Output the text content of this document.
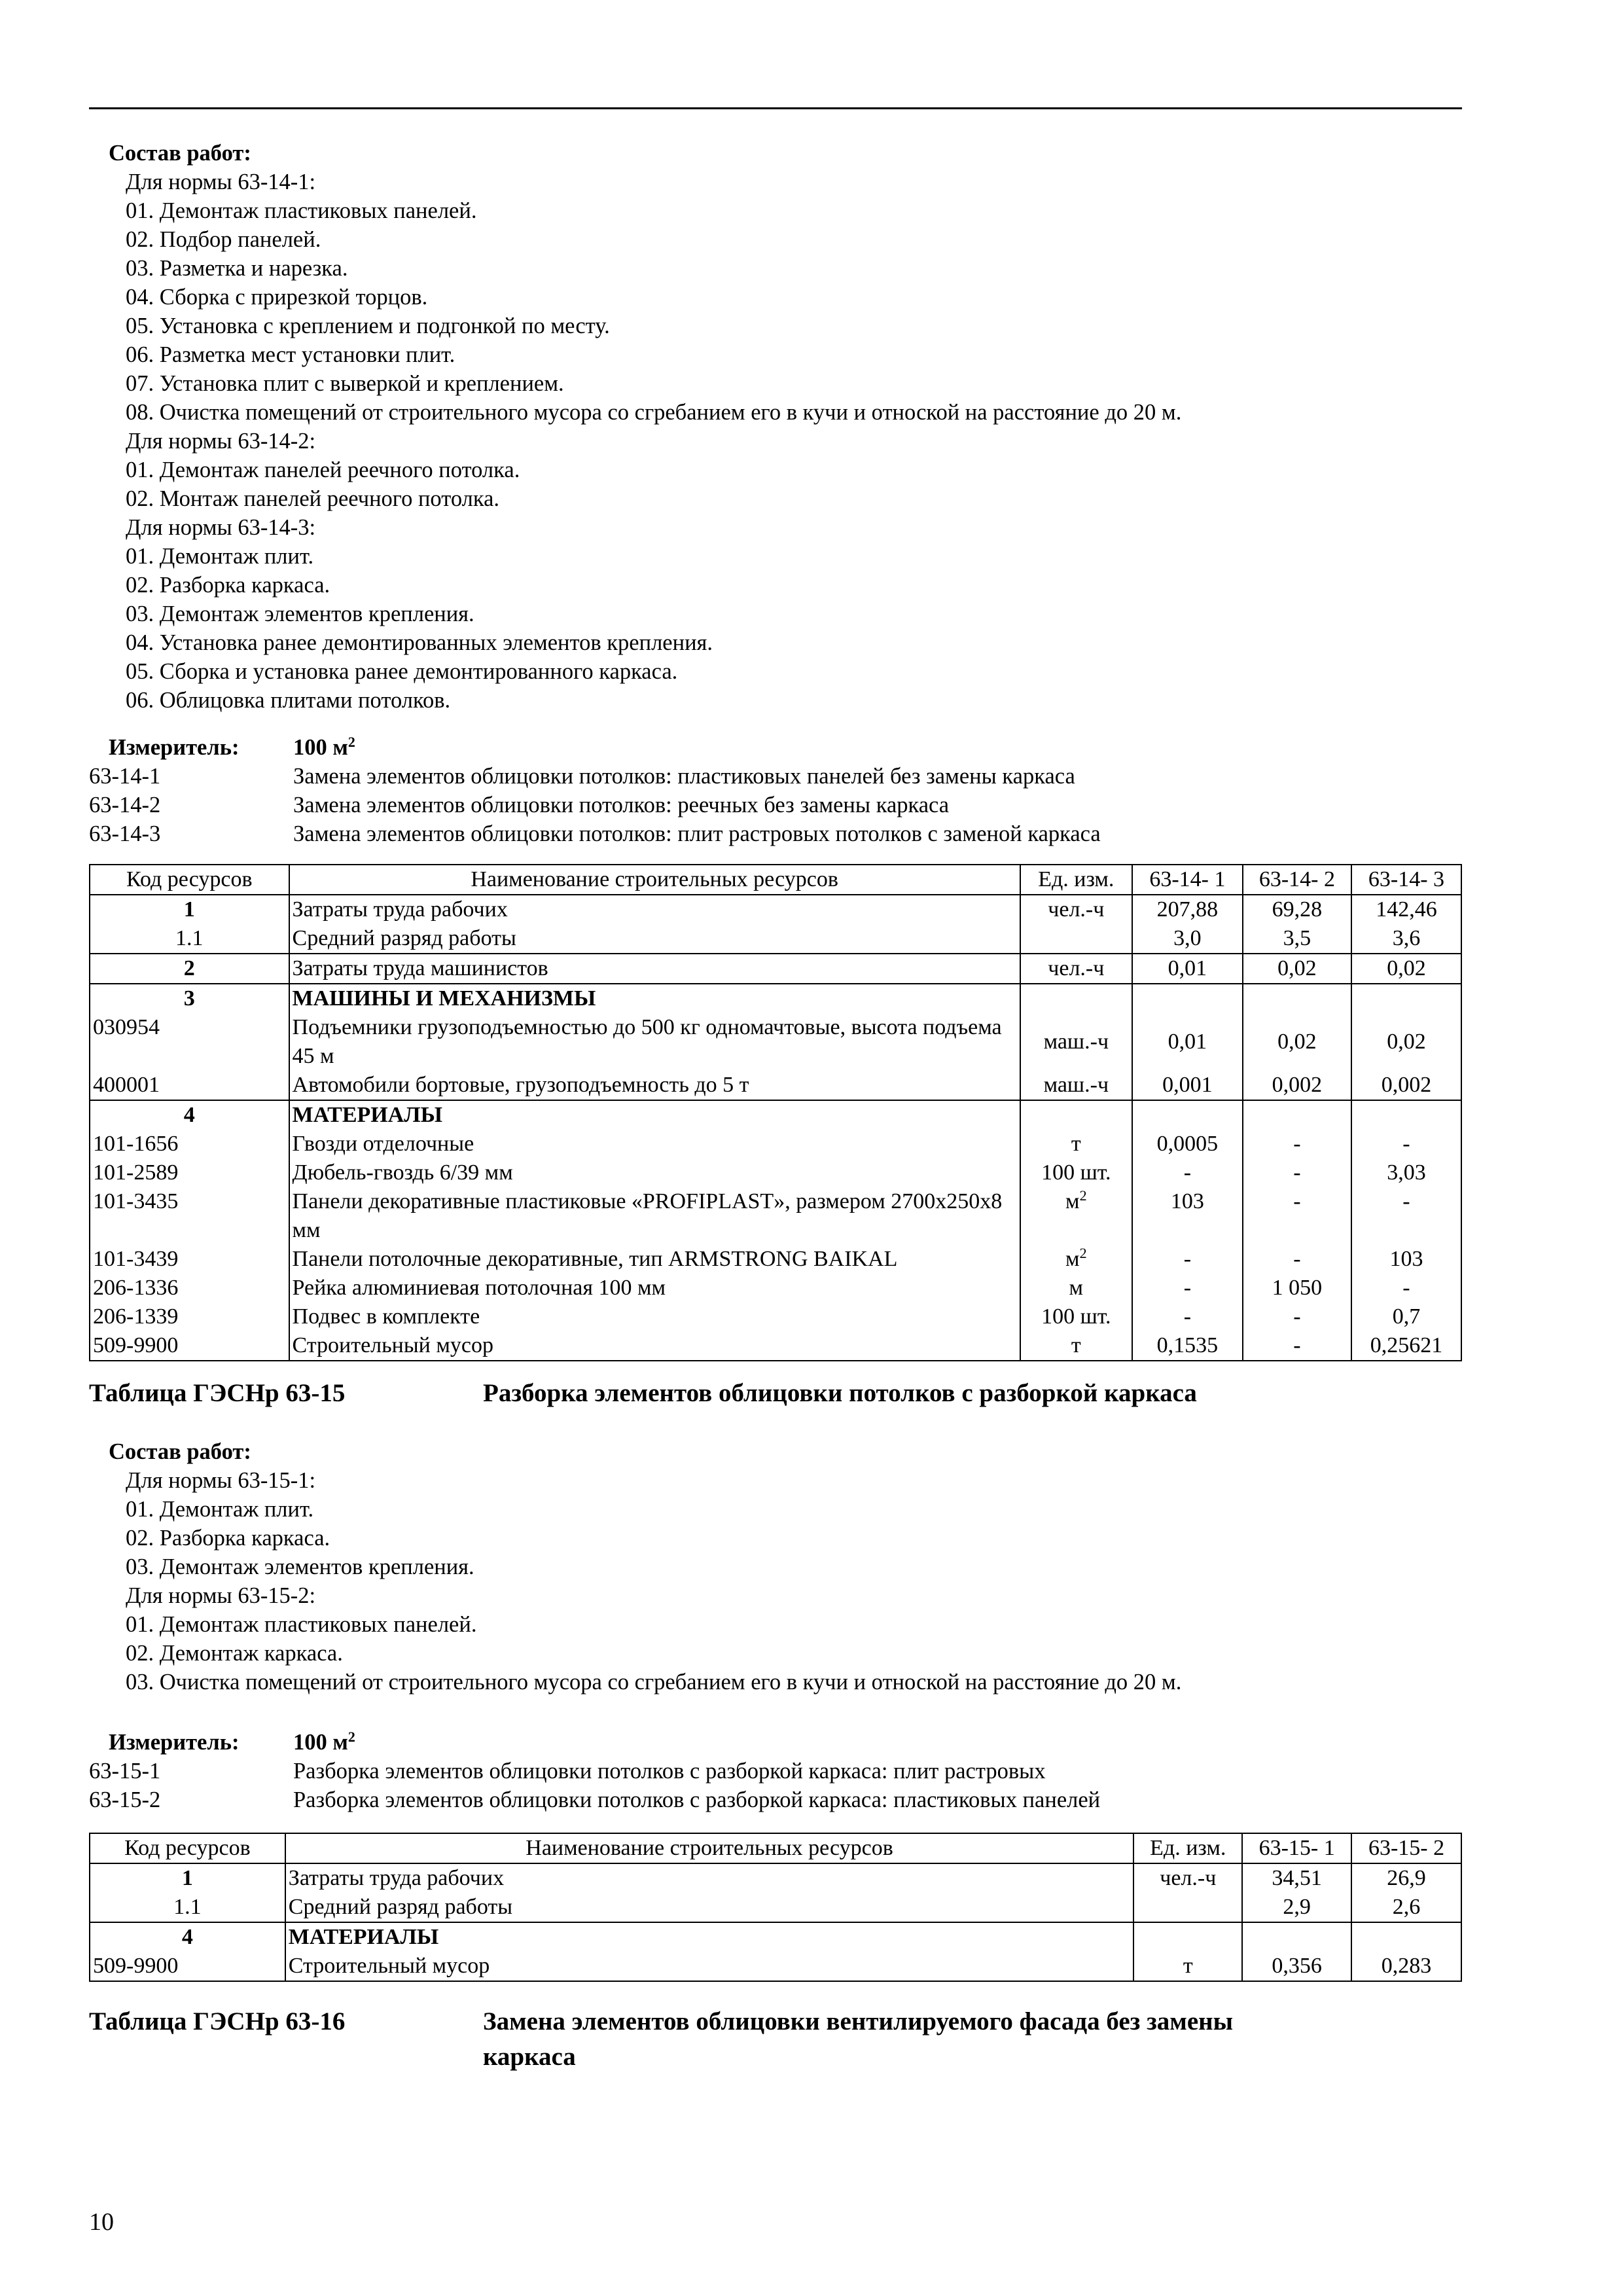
Состав работ:
Для нормы 63-14-1:
01. Демонтаж пластиковых панелей.
02. Подбор панелей.
03. Разметка и нарезка.
04. Сборка с прирезкой торцов.
05. Установка с креплением и подгонкой по месту.
06. Разметка мест установки плит.
07. Установка плит с выверкой и креплением.
08. Очистка помещений от строительного мусора со сгребанием его в кучи и отноской на расстояние до 20 м.
Для нормы 63-14-2:
01. Демонтаж панелей реечного потолка.
02. Монтаж панелей реечного потолка.
Для нормы 63-14-3:
01. Демонтаж плит.
02. Разборка каркаса.
03. Демонтаж элементов крепления.
04. Установка ранее демонтированных элементов крепления.
05. Сборка и установка ранее демонтированного каркаса.
06. Облицовка плитами потолков.
Измеритель: 100 $м^2$
63-14-1	Замена элементов облицовки потолков: пластиковых панелей без замены каркаса
63-14-2	Замена элементов облицовки потолков: реечных без замены каркаса
63-14-3	Замена элементов облицовки потолков: плит растровых потолков с заменой каркаса
Код ресурсов	Наименование строительных ресурсов	Ед. изм.	63-14- 1	63-14- 2	63-14- 3
1	Затраты труда рабочих	чел.-ч	207,88	69,28	142,46
1.1	Средний разряд работы		3,0	3,5	3,6
2	Затраты труда машинистов	чел.-ч	0,01	0,02	0,02
3	МАШИНЫ И МЕХАНИЗМЫ				
030954	Подъемники грузоподъемностью до 500 кг одномачтовые, высота подъема 45 м	маш.-ч	0,01	0,02	0,02
400001	Автомобили бортовые, грузоподъемность до 5 т	маш.-ч	0,001	0,002	0,002
4	МАТЕРИАЛЫ				
101-1656	Гвозди отделочные	т	0,0005	-	-
101-2589	Дюбель-гвоздь 6/39 мм	100 шт.	-	-	3,03
101-3435	Панели декоративные пластиковые «PROFIPLAST», размером 2700х250х8 мм	$м^2$	103	-	-
101-3439	Панели потолочные декоративные, тип ARMSTRONG BAIKAL	$м^2$	-	-	103
206-1336	Рейка алюминиевая потолочная 100 мм	м	-	1 050	-
206-1339	Подвес в комплекте	100 шт.	-	-	0,7
509-9900	Строительный мусор	т	0,1535	-	0,25621
Таблица ГЭСНр 63-15	Разборка элементов облицовки потолков с разборкой каркаса
Состав работ:
Для нормы 63-15-1:
01. Демонтаж плит.
02. Разборка каркаса.
03. Демонтаж элементов крепления.
Для нормы 63-15-2:
01. Демонтаж пластиковых панелей.
02. Демонтаж каркаса.
03. Очистка помещений от строительного мусора со сгребанием его в кучи и отноской на расстояние до 20 м.
Измеритель: 100 $м^2$
63-15-1	Разборка элементов облицовки потолков с разборкой каркаса: плит растровых
63-15-2	Разборка элементов облицовки потолков с разборкой каркаса: пластиковых панелей
Код ресурсов	Наименование строительных ресурсов	Ед. изм.	63-15- 1	63-15- 2
1	Затраты труда рабочих	чел.-ч	34,51	26,9
1.1	Средний разряд работы		2,9	2,6
4	МАТЕРИАЛЫ			
509-9900	Строительный мусор	т	0,356	0,283
Таблица ГЭСНр 63-16	Замена элементов облицовки вентилируемого фасада без замены
каркаса
10
